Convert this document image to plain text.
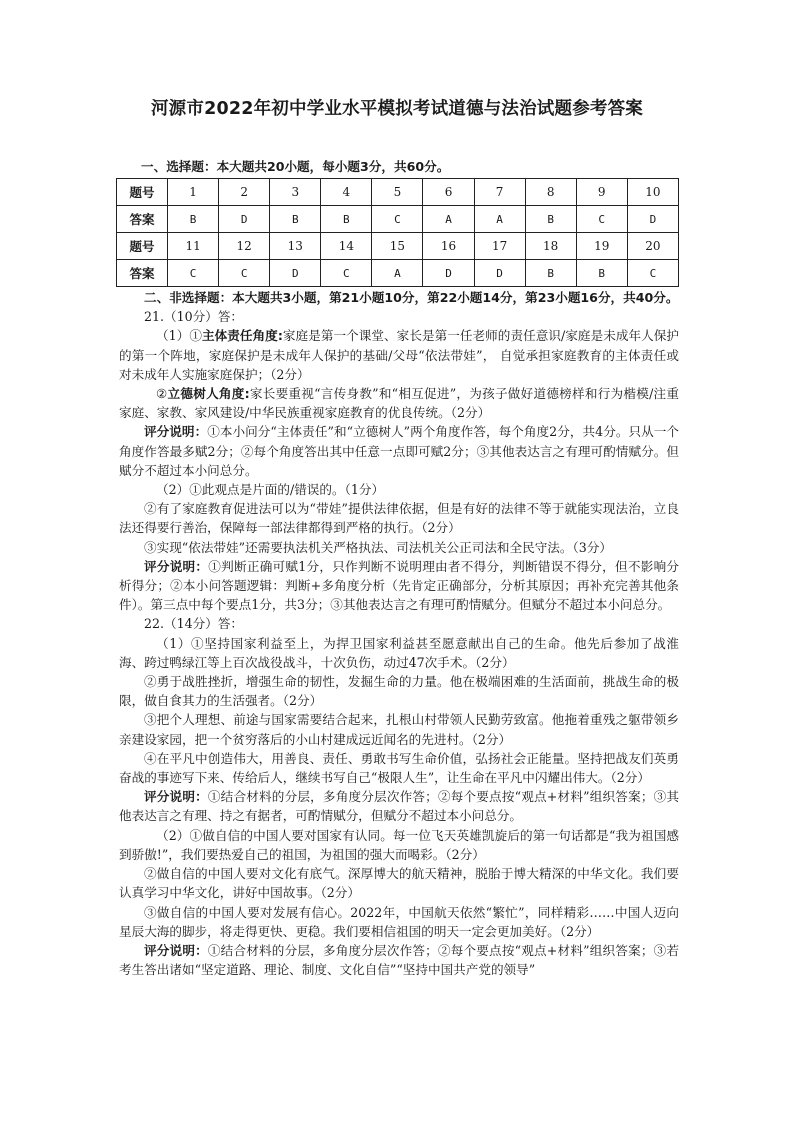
河源市2022年初中学业水平模拟考试道德与法治试题参考答案
一、选择题：本大题共20小题，每小题3分，共60分。
题号	1	2	3	4	5	6	7	8	9	10
答案	B	D	B	B	C	A	A	B	C	D
题号	11	12	13	14	15	16	17	18	19	20
答案	C	C	D	C	A	D	D	B	B	C

二、非选择题：本大题共3小题，第21小题10分，第22小题14分，第23小题16分，共40分。

21.（10分）答：

（1）①主体责任角度:家庭是第一个课堂、家长是第一任老师的责任意识/家庭是未成年人保护的第一个阵地，家庭保护是未成年人保护的基础/父母“依法带娃”， 自觉承担家庭教育的主体责任或对未成年人实施家庭保护；（2分）

②立德树人角度:家长要重视“言传身教”和“相互促进”，为孩子做好道德榜样和行为楷模/注重家庭、家教、家风建设/中华民族重视家庭教育的优良传统。（2分）

评分说明：①本小问分“主体责任”和“立德树人”两个角度作答，每个角度2分，共4分。只从一个角度作答最多赋2分；②每个角度答出其中任意一点即可赋2分；③其他表达言之有理可酌情赋分。但赋分不超过本小问总分。

（2）①此观点是片面的/错误的。（1分）

②有了家庭教育促进法可以为“带娃”提供法律依据，但是有好的法律不等于就能实现法治，立良法还得要行善治，保障每一部法律都得到严格的执行。（2分）

③实现“依法带娃”还需要执法机关严格执法、司法机关公正司法和全民守法。（3分）

评分说明：①判断正确可赋1分，只作判断不说明理由者不得分，判断错误不得分，但不影响分析得分；②本小问答题逻辑：判断+多角度分析（先肯定正确部分，分析其原因；再补充完善其他条件）。第三点中每个要点1分，共3分；③其他表达言之有理可酌情赋分。但赋分不超过本小问总分。

22.（14分）答：

（1）①坚持国家利益至上，为捍卫国家利益甚至愿意献出自己的生命。他先后参加了战淮海、跨过鸭绿江等上百次战役战斗，十次负伤，动过47次手术。（2分）

②勇于战胜挫折，增强生命的韧性，发掘生命的力量。他在极端困难的生活面前，挑战生命的极限，做自食其力的生活强者。（2分）

③把个人理想、前途与国家需要结合起来，扎根山村带领人民勤劳致富。他拖着重残之躯带领乡亲建设家园，把一个贫穷落后的小山村建成远近闻名的先进村。（2分）

④在平凡中创造伟大，用善良、责任、勇敢书写生命价值，弘扬社会正能量。坚持把战友们英勇奋战的事迹写下来、传给后人，继续书写自己“极限人生”，让生命在平凡中闪耀出伟大。（2分）

评分说明：①结合材料的分层，多角度分层次作答；②每个要点按“观点+材料”组织答案；③其他表达言之有理、持之有据者，可酌情赋分，但赋分不超过本小问总分。

（2）①做自信的中国人要对国家有认同。每一位飞天英雄凯旋后的第一句话都是“我为祖国感到骄傲!”，我们要热爱自己的祖国，为祖国的强大而喝彩。（2分）

②做自信的中国人要对文化有底气。深厚博大的航天精神，脱胎于博大精深的中华文化。我们要认真学习中华文化，讲好中国故事。（2分）

③做自信的中国人要对发展有信心。2022年，中国航天依然“繁忙”，同样精彩……中国人迈向星辰大海的脚步，将走得更快、更稳。我们要相信祖国的明天一定会更加美好。（2分）

评分说明：①结合材料的分层，多角度分层次作答；②每个要点按“观点+材料”组织答案；③若考生答出诸如“坚定道路、理论、制度、文化自信”“坚持中国共产党的领导”
